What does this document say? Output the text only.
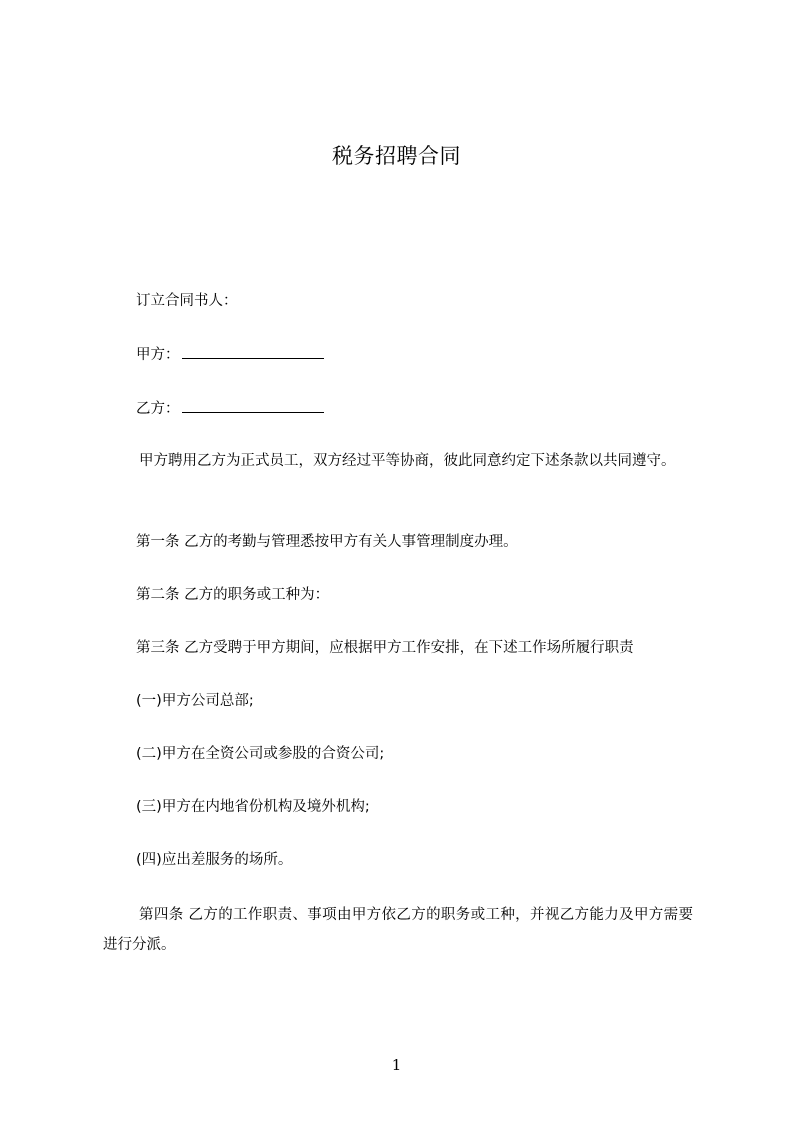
税务招聘合同
订立合同书人：
甲方：
乙方：
甲方聘用乙方为正式员工，双方经过平等协商，彼此同意约定下述条款以共同遵守。
第一条 乙方的考勤与管理悉按甲方有关人事管理制度办理。
第二条 乙方的职务或工种为：
第三条 乙方受聘于甲方期间，应根据甲方工作安排，在下述工作场所履行职责
(一)甲方公司总部;
(二)甲方在全资公司或参股的合资公司;
(三)甲方在内地省份机构及境外机构;
(四)应出差服务的场所。
第四条 乙方的工作职责、事项由甲方依乙方的职务或工种，并视乙方能力及甲方需要进行分派。
1
